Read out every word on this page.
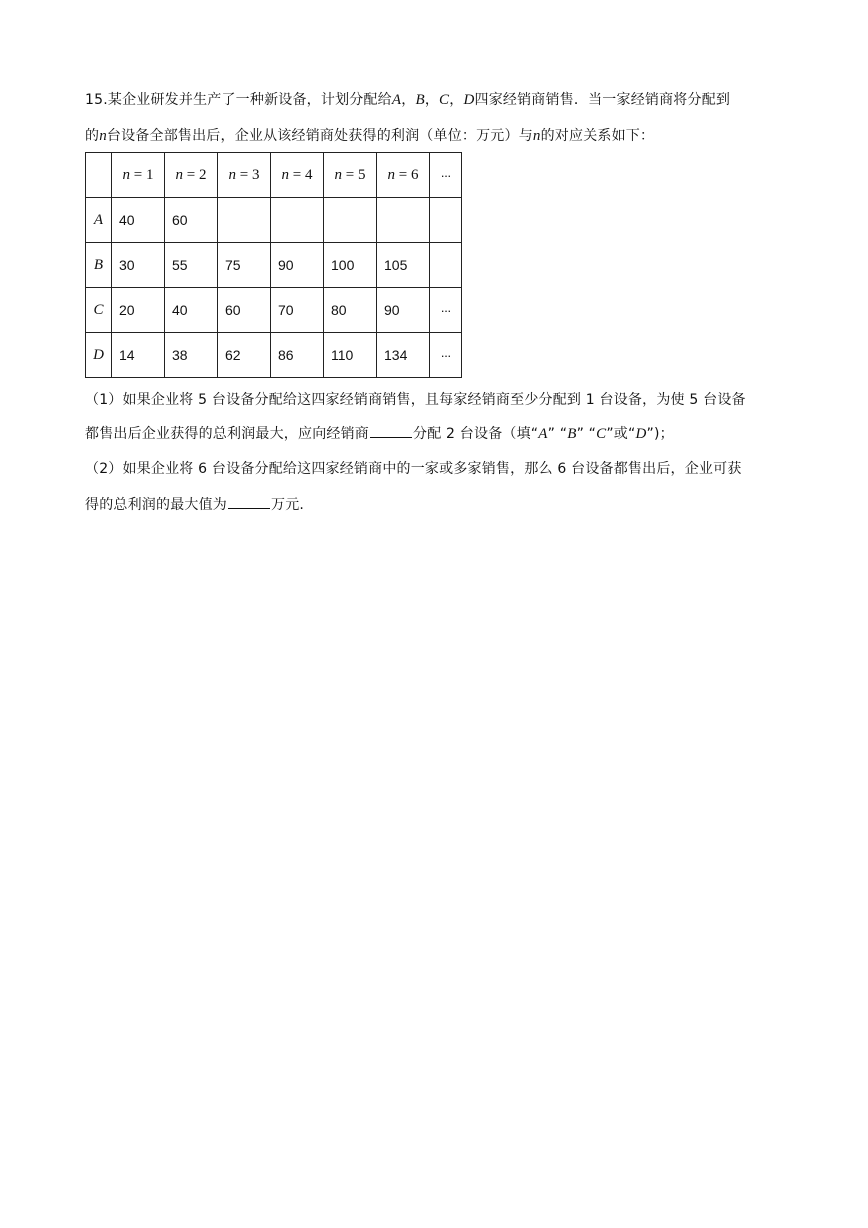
15.某企业研发并生产了一种新设备，计划分配给A，B，C，D四家经销商销售．当一家经销商将分配到
的n台设备全部售出后，企业从该经销商处获得的利润（单位：万元）与n的对应关系如下：
	n = 1	n = 2	n = 3	n = 4	n = 5	n = 6	···
A	40	60					
B	30	55	75	90	100	105	
C	20	40	60	70	80	90	···
D	14	38	62	86	110	134	···
（1）如果企业将 5 台设备分配给这四家经销商销售，且每家经销商至少分配到 1 台设备，为使 5 台设备
都售出后企业获得的总利润最大，应向经销商	分配 2 台设备（填“A” “B” “C”或“D”)；
（2）如果企业将 6 台设备分配给这四家经销商中的一家或多家销售，那么 6 台设备都售出后，企业可获
得的总利润的最大值为	万元.
